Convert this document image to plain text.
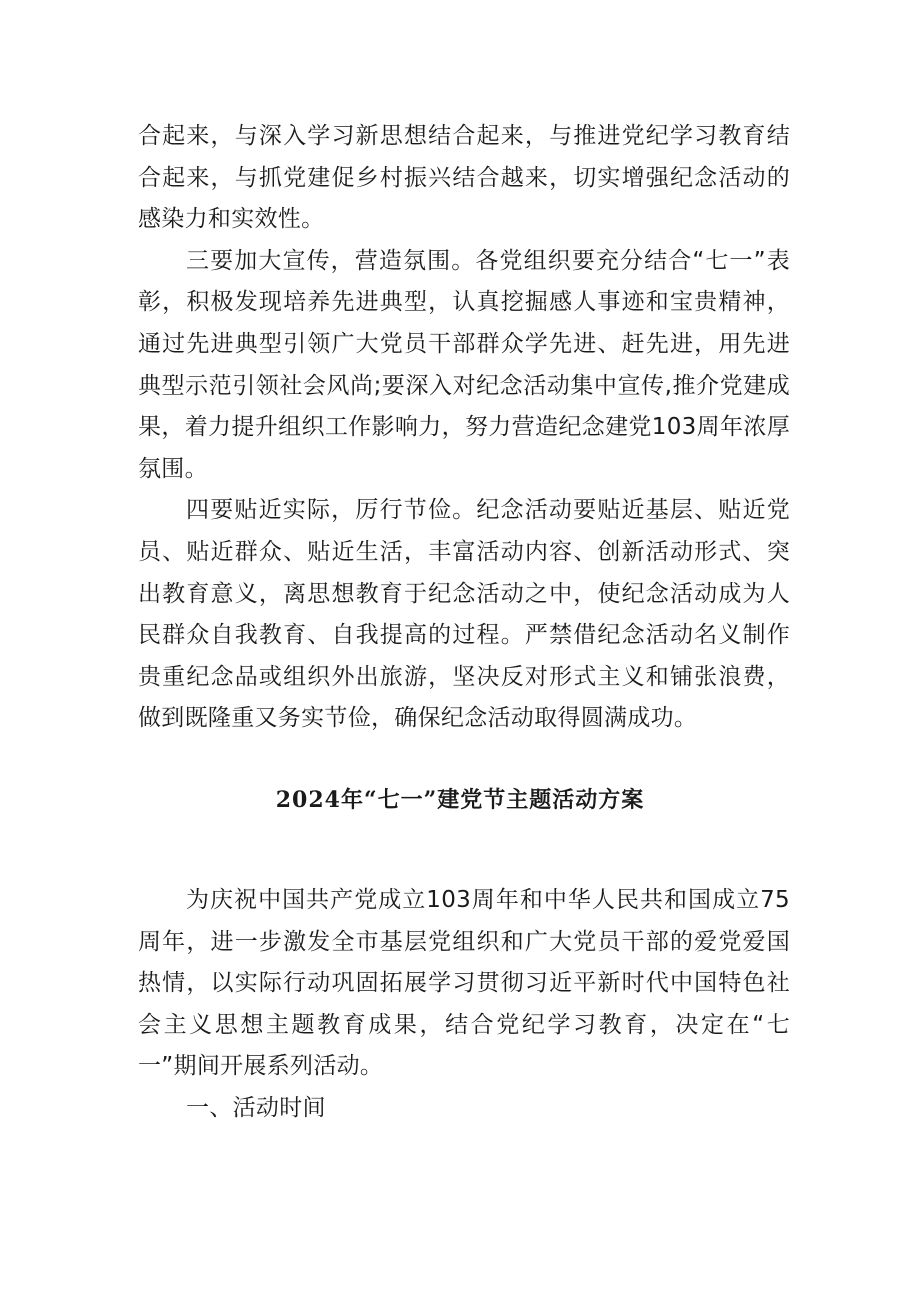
合起来，与深入学习新思想结合起来，与推进党纪学习教育结合起来，与抓党建促乡村振兴结合越来，切实增强纪念活动的感染力和实效性。

三要加大宣传，营造氛围。各党组织要充分结合“七一”表彰，积极发现培养先进典型，认真挖掘感人事迹和宝贵精神，通过先进典型引领广大党员干部群众学先进、赶先进，用先进典型示范引领社会风尚;要深入对纪念活动集中宣传,推介党建成果，着力提升组织工作影响力，努力营造纪念建党103周年浓厚氛围。

四要贴近实际，厉行节俭。纪念活动要贴近基层、贴近党员、贴近群众、贴近生活，丰富活动内容、创新活动形式、突出教育意义，离思想教育于纪念活动之中，使纪念活动成为人民群众自我教育、自我提高的过程。严禁借纪念活动名义制作贵重纪念品或组织外出旅游，坚决反对形式主义和铺张浪费，做到既隆重又务实节俭，确保纪念活动取得圆满成功。

2024年“七一”建党节主题活动方案

为庆祝中国共产党成立103周年和中华人民共和国成立75周年，进一步激发全市基层党组织和广大党员干部的爱党爱国热情，以实际行动巩固拓展学习贯彻习近平新时代中国特色社会主义思想主题教育成果，结合党纪学习教育，决定在“七一”期间开展系列活动。

一、活动时间
